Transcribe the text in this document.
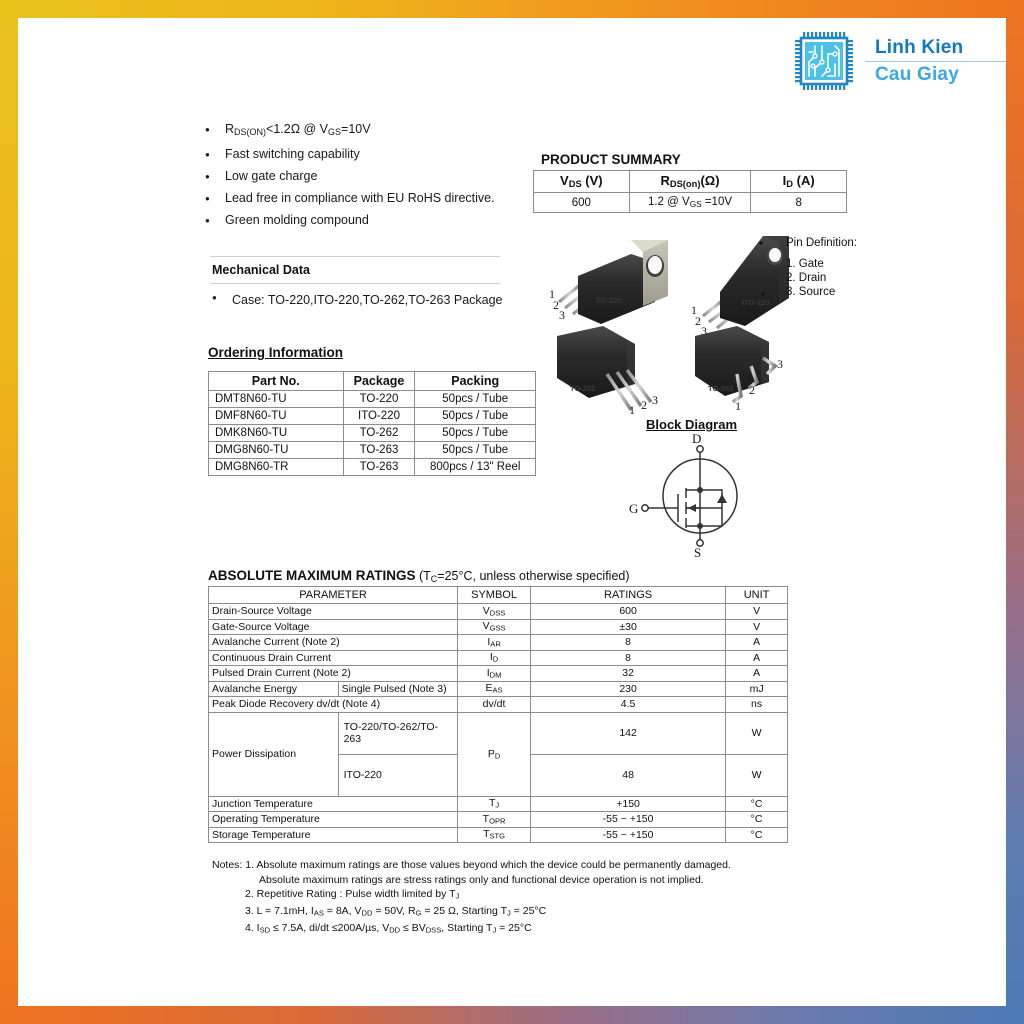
Linh Kien
Cau Giay
● $R_{DS(ON)}<1.2\Omega$ @ $V_{GS}=10V$
● Fast switching capability
● Low gate charge
● Lead free in compliance with EU RoHS directive.
● Green molding compound
Mechanical Data
● Case: TO-220,ITO-220,TO-262,TO-263 Package
Ordering Information
Part No.	Package	Packing
DMT8N60-TU	TO-220	50pcs / Tube
DMF8N60-TU	ITO-220	50pcs / Tube
DMK8N60-TU	TO-262	50pcs / Tube
DMG8N60-TU	TO-263	50pcs / Tube
DMG8N60-TR	TO-263	800pcs / 13" Reel
PRODUCT SUMMARY
$V_{DS}$ (V)	$R_{DS(on)}(\Omega)$	$I_D$ (A)
600	1.2 @ $V_{GS} =10V$	8
1
2
3
TO-220
1
2
3
ITO-220
1 2 3
TO-252
1
2
3
TO-263
Pin Definition:
1. Gate
2. Drain
3. Source
Block Diagram
D
G
S
ABSOLUTE MAXIMUM RATINGS ($T_C=25^\circ C$, unless otherwise specified)
PARAMETER		SYMBOL	RATINGS	UNIT
Drain-Source Voltage		$V_{DSS}$	600	V
Gate-Source Voltage		$V_{GSS}$	±30	V
Avalanche Current (Note 2)		$I_{AR}$	8	A
Continuous Drain Current		$I_D$	8	A
Pulsed Drain Current (Note 2)		$I_{DM}$	32	A
Avalanche Energy	Single Pulsed (Note 3)	$E_{AS}$	230	mJ
Peak Diode Recovery dv/dt (Note 4)		dv/dt	4.5	ns
Power Dissipation	TO-220/TO-262/TO-263	$P_D$	142	W
	ITO-220		48	W
Junction Temperature		$T_J$	+150	°C
Operating Temperature		$T_{OPR}$	-55 ~ +150	°C
Storage Temperature		$T_{STG}$	-55 ~ +150	°C
Notes: 1. Absolute maximum ratings are those values beyond which the device could be permanently damaged.
Absolute maximum ratings are stress ratings only and functional device operation is not implied.
2. Repetitive Rating : Pulse width limited by $T_J$
3. L = 7.1mH, $I_{AS} = 8A$, $V_{DD} = 50V$, $R_G = 25$ Ω, Starting $T_J = 25^\circ C$
4. $I_{SD} \le 7.5A$, di/dt ≤200A/µs, $V_{DD} \le BV_{DSS}$, Starting $T_J = 25^\circ C$
